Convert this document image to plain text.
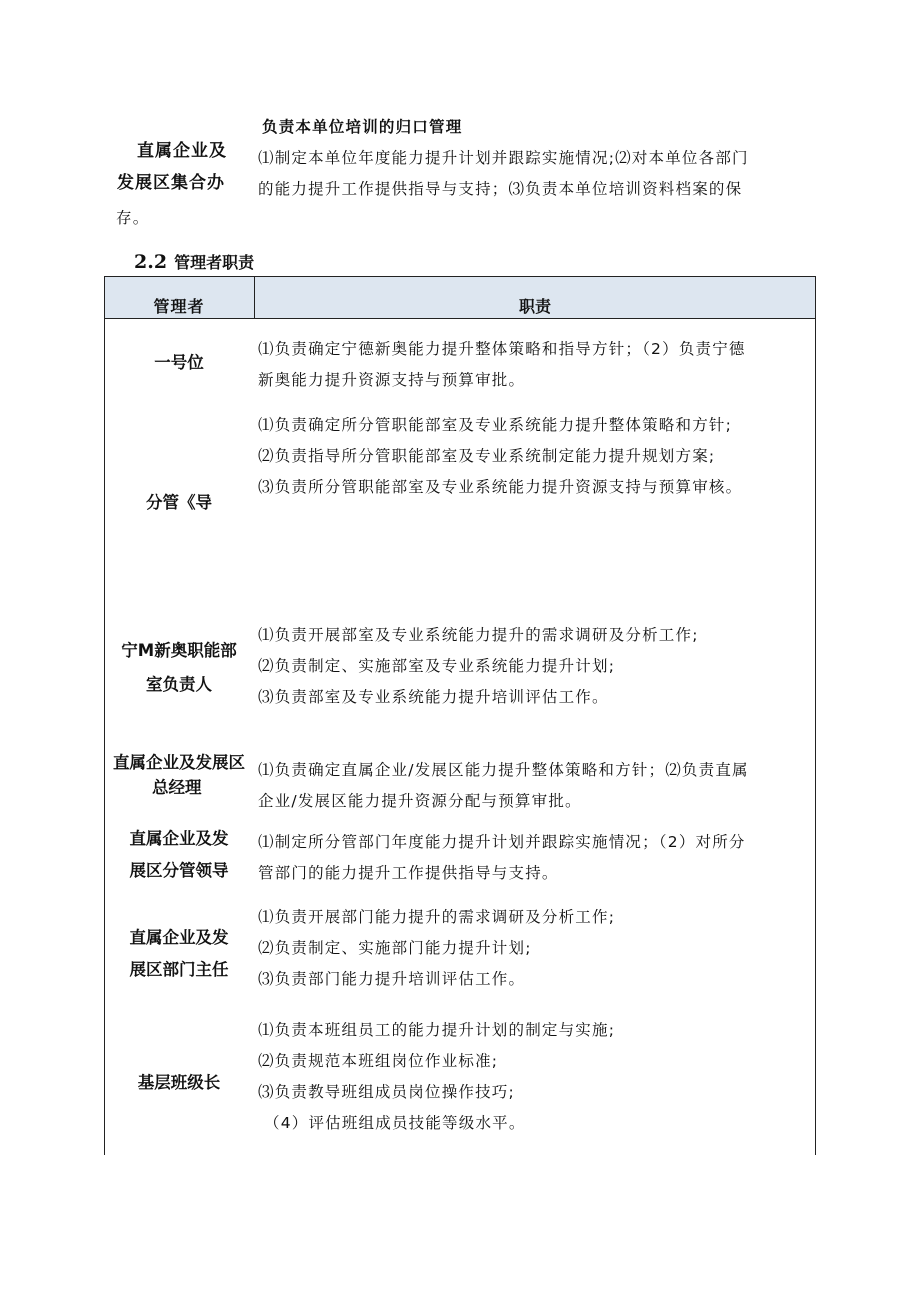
直属企业及
发展区集合办
负责本单位培训的归口管理
⑴制定本单位年度能力提升计划并跟踪实施情况;⑵对本单位各部门
的能力提升工作提供指导与支持；⑶负责本单位培训资料档案的保
存。
2.2 管理者职责
管理者	职责
一号位
⑴负责确定宁德新奥能力提升整体策略和指导方针；（2）负责宁德
新奥能力提升资源支持与预算审批。
分管《导
⑴负责确定所分管职能部室及专业系统能力提升整体策略和方针;
⑵负责指导所分管职能部室及专业系统制定能力提升规划方案;
⑶负责所分管职能部室及专业系统能力提升资源支持与预算审核。
宁M新奥职能部
室负责人
⑴负责开展部室及专业系统能力提升的需求调研及分析工作;
⑵负责制定、实施部室及专业系统能力提升计划;
⑶负责部室及专业系统能力提升培训评估工作。
直属企业及发展区
总经理
⑴负责确定直属企业/发展区能力提升整体策略和方针；⑵负责直属
企业/发展区能力提升资源分配与预算审批。
直属企业及发
展区分管领导
⑴制定所分管部门年度能力提升计划并跟踪实施情况；（2）对所分
管部门的能力提升工作提供指导与支持。
直属企业及发
展区部门主任
⑴负责开展部门能力提升的需求调研及分析工作;
⑵负责制定、实施部门能力提升计划;
⑶负责部门能力提升培训评估工作。
基层班级长
⑴负责本班组员工的能力提升计划的制定与实施;
⑵负责规范本班组岗位作业标准;
⑶负责教导班组成员岗位操作技巧;
（4）评估班组成员技能等级水平。
